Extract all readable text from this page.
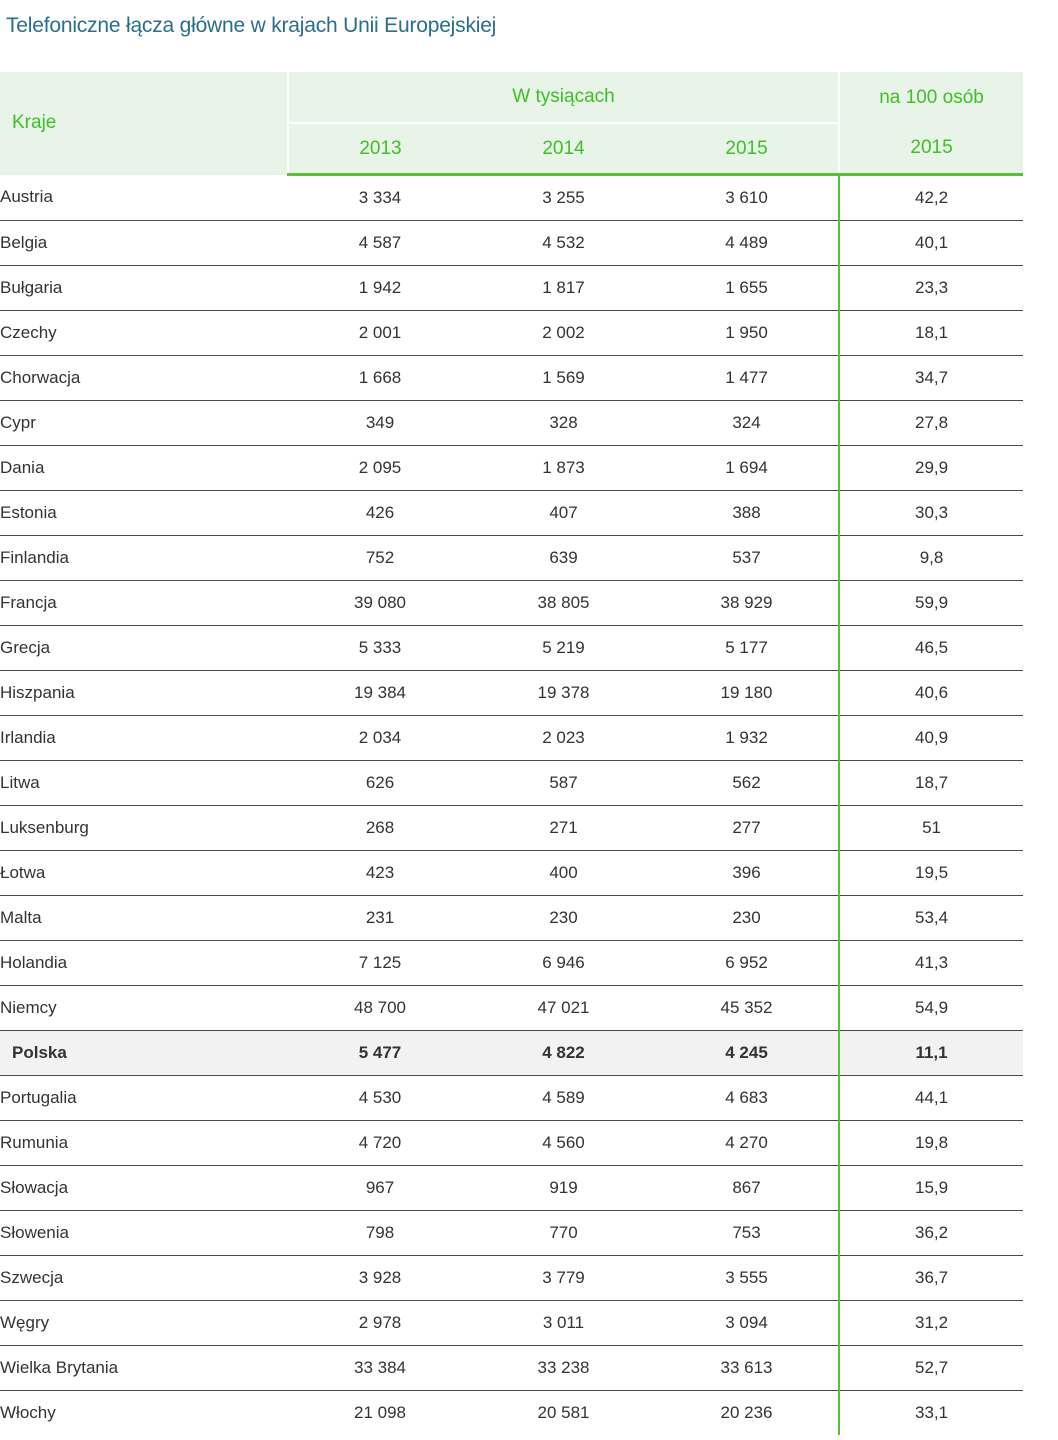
Telefoniczne łącza główne w krajach Unii Europejskiej
Kraje	W tysiącach			na 100 osób
	2013	2014	2015	2015
Austria	3 334	3 255	3 610	42,2
Belgia	4 587	4 532	4 489	40,1
Bułgaria	1 942	1 817	1 655	23,3
Czechy	2 001	2 002	1 950	18,1
Chorwacja	1 668	1 569	1 477	34,7
Cypr	349	328	324	27,8
Dania	2 095	1 873	1 694	29,9
Estonia	426	407	388	30,3
Finlandia	752	639	537	9,8
Francja	39 080	38 805	38 929	59,9
Grecja	5 333	5 219	5 177	46,5
Hiszpania	19 384	19 378	19 180	40,6
Irlandia	2 034	2 023	1 932	40,9
Litwa	626	587	562	18,7
Luksenburg	268	271	277	51
Łotwa	423	400	396	19,5
Malta	231	230	230	53,4
Holandia	7 125	6 946	6 952	41,3
Niemcy	48 700	47 021	45 352	54,9
Polska	5 477	4 822	4 245	11,1
Portugalia	4 530	4 589	4 683	44,1
Rumunia	4 720	4 560	4 270	19,8
Słowacja	967	919	867	15,9
Słowenia	798	770	753	36,2
Szwecja	3 928	3 779	3 555	36,7
Węgry	2 978	3 011	3 094	31,2
Wielka Brytania	33 384	33 238	33 613	52,7
Włochy	21 098	20 581	20 236	33,1
